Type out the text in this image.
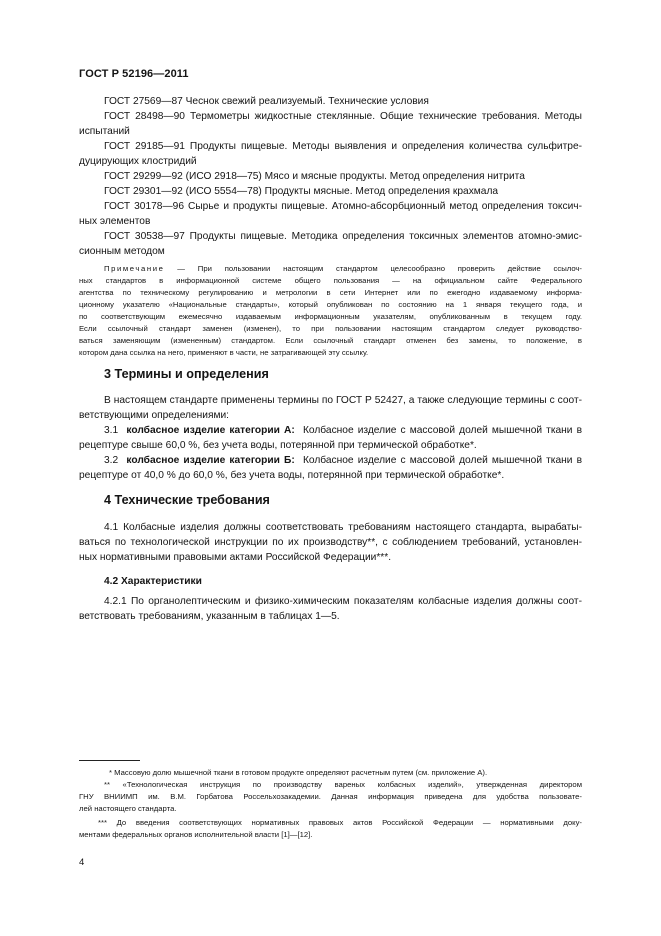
ГОСТ Р 52196—2011
ГОСТ 27569—87 Чеснок свежий реализуемый. Технические условия
ГОСТ 28498—90 Термометры жидкостные стеклянные. Общие технические требования. Методы
испытаний
ГОСТ 29185—91 Продукты пищевые. Методы выявления и определения количества сульфитре-
дуцирующих клостридий
ГОСТ 29299—92 (ИСО 2918—75) Мясо и мясные продукты. Метод определения нитрита
ГОСТ 29301—92 (ИСО 5554—78) Продукты мясные. Метод определения крахмала
ГОСТ 30178—96 Сырье и продукты пищевые. Атомно-абсорбционный метод определения токсич-
ных элементов
ГОСТ 30538—97 Продукты пищевые. Методика определения токсичных элементов атомно-эмис-
сионным методом
Примечание — При пользовании настоящим стандартом целесообразно проверить действие ссылоч-
ных стандартов в информационной системе общего пользования — на официальном сайте Федерального
агентства по техническому регулированию и метрологии в сети Интернет или по ежегодно издаваемому информа-
ционному указателю «Национальные стандарты», который опубликован по состоянию на 1 января текущего года, и
по соответствующим ежемесячно издаваемым информационным указателям, опубликованным в текущем году.
Если ссылочный стандарт заменен (изменен), то при пользовании настоящим стандартом следует руководство-
ваться заменяющим (измененным) стандартом. Если ссылочный стандарт отменен без замены, то положение, в
котором дана ссылка на него, применяют в части, не затрагивающей эту ссылку.
3 Термины и определения
В настоящем стандарте применены термины по ГОСТ Р 52427, а также следующие термины с соот-
ветствующими определениями:
3.1 колбасное изделие категории А: Колбасное изделие с массовой долей мышечной ткани в
рецептуре свыше 60,0 %, без учета воды, потерянной при термической обработке*.
3.2 колбасное изделие категории Б: Колбасное изделие с массовой долей мышечной ткани в
рецептуре от 40,0 % до 60,0 %, без учета воды, потерянной при термической обработке*.
4 Технические требования
4.1 Колбасные изделия должны соответствовать требованиям настоящего стандарта, вырабаты-
ваться по технологической инструкции по их производству**, с соблюдением требований, установлен-
ных нормативными правовыми актами Российской Федерации***.
4.2 Характеристики
4.2.1 По органолептическим и физико-химическим показателям колбасные изделия должны соот-
ветствовать требованиям, указанным в таблицах 1—5.
* Массовую долю мышечной ткани в готовом продукте определяют расчетным путем (см. приложение А).
** «Технологическая инструкция по производству вареных колбасных изделий», утвержденная директором
ГНУ ВНИИМП им. В.М. Горбатова Россельхозакадемии. Данная информация приведена для удобства пользовате-
лей настоящего стандарта.
*** До введения соответствующих нормативных правовых актов Российской Федерации — нормативными доку-
ментами федеральных органов исполнительной власти [1]—[12].
4
